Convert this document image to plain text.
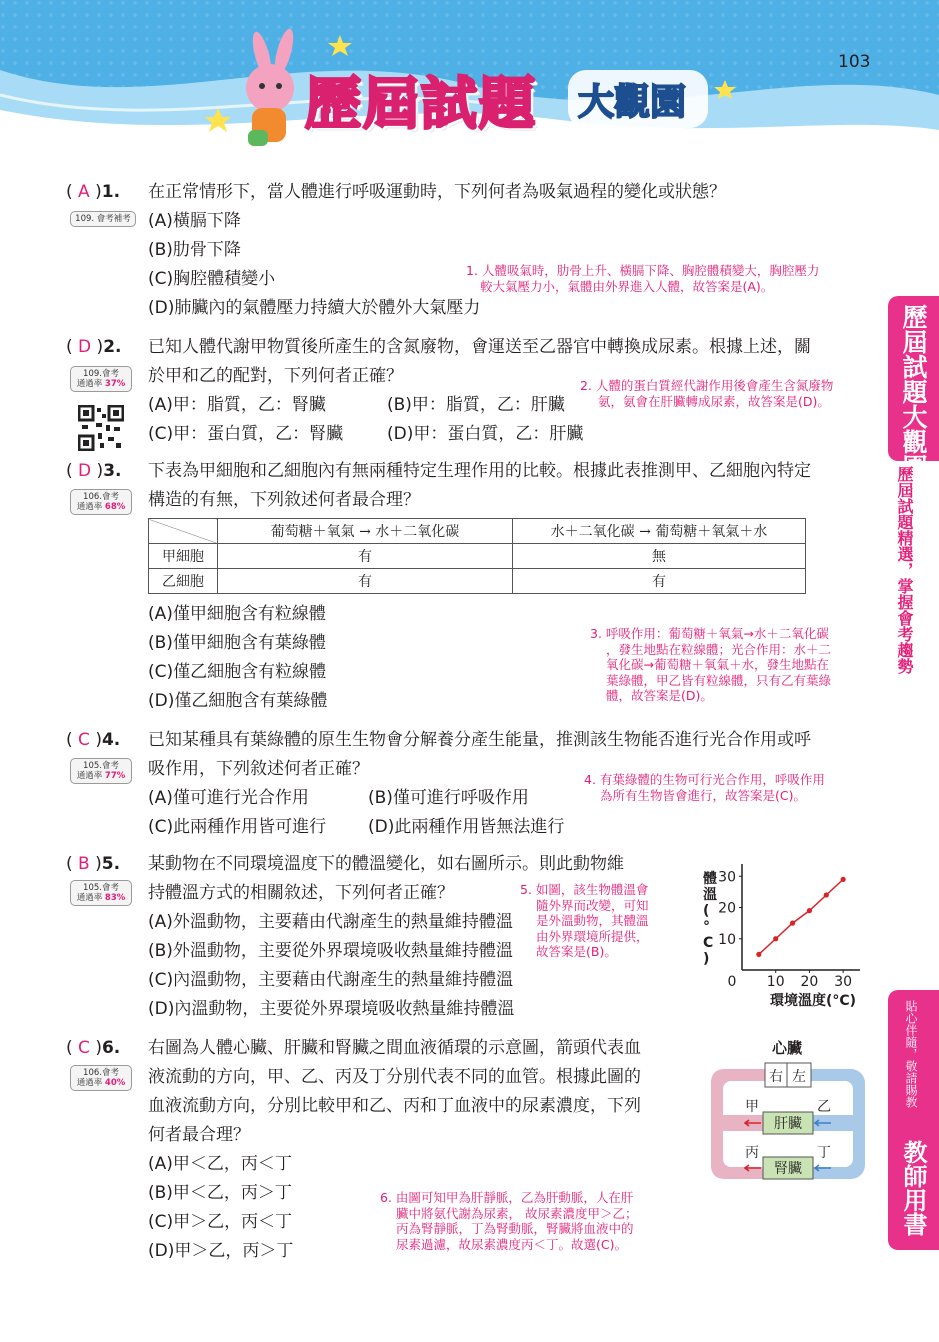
103
歷屆試題 大觀園
歷屆試題大觀園
歷屆試題精選，掌握會考趨勢
貼心伴隨，敬請賜教
教師用書
( A )1. 在正常情形下，當人體進行呼吸運動時，下列何者為吸氣過程的變化或狀態？
109. 會考補考	(A)橫膈下降
(B)肋骨下降
(C)胸腔體積變小
(D)肺臟內的氣體壓力持續大於體外大氣壓力
1. 人體吸氣時，肋骨上升、橫膈下降、胸腔體積變大，胸腔壓力
較大氣壓力小，氣體由外界進入人體，故答案是(A)。
( D )2. 已知人體代謝甲物質後所產生的含氮廢物，會運送至乙器官中轉換成尿素。根據上述，關
於甲和乙的配對，下列何者正確？
109.會考
通過率 37%
(A)甲：脂質，乙：腎臟	(B)甲：脂質，乙：肝臟
(C)甲：蛋白質，乙：腎臟	(D)甲：蛋白質，乙：肝臟
2. 人體的蛋白質經代謝作用後會產生含氮廢物
氨，氨會在肝臟轉成尿素，故答案是(D)。
( D )3. 下表為甲細胞和乙細胞內有無兩種特定生理作用的比較。根據此表推測甲、乙細胞內特定
構造的有無，下列敘述何者最合理？
106.會考
通過率 68%
	葡萄糖＋氧氣 → 水＋二氧化碳	水＋二氧化碳 → 葡萄糖＋氧氣＋水
甲細胞	有	無
乙細胞	有	有
(A)僅甲細胞含有粒線體
(B)僅甲細胞含有葉綠體
(C)僅乙細胞含有粒線體
(D)僅乙細胞含有葉綠體
3. 呼吸作用：葡萄糖＋氧氣→水＋二氧化碳
，發生地點在粒線體；光合作用：水＋二
氧化碳→葡萄糖＋氧氣＋水，發生地點在
葉綠體，甲乙皆有粒線體，只有乙有葉綠
體，故答案是(D)。
( C )4. 已知某種具有葉綠體的原生生物會分解養分產生能量，推測該生物能否進行光合作用或呼
吸作用，下列敘述何者正確？
105.會考
通過率 77%
(A)僅可進行光合作用	(B)僅可進行呼吸作用
(C)此兩種作用皆可進行 (D)此兩種作用皆無法進行
4. 有葉綠體的生物可行光合作用，呼吸作用
為所有生物皆會進行，故答案是(C)。
( B )5. 某動物在不同環境溫度下的體溫變化，如右圖所示。則此動物維
持體溫方式的相關敘述，下列何者正確？
105.會考
通過率 83%
(A)外溫動物，主要藉由代謝產生的熱量維持體溫
(B)外溫動物，主要從外界環境吸收熱量維持體溫
(C)內溫動物，主要藉由代謝產生的熱量維持體溫
(D)內溫動物，主要從外界環境吸收熱量維持體溫
5. 如圖，該生物體溫會
隨外界而改變，可知
是外溫動物，其體溫
由外界環境所提供，
故答案是(B)。
0 10 20 30
10
20
30
體溫( ° C )
環境溫度(°C)
( C )6. 右圖為人體心臟、肝臟和腎臟之間血液循環的示意圖，箭頭代表血
液流動的方向，甲、乙、丙及丁分別代表不同的血管。根據此圖的
血液流動方向，分別比較甲和乙、丙和丁血液中的尿素濃度，下列
何者最合理？
106.會考
通過率 40%
(A)甲＜乙，丙＜丁
(B)甲＜乙，丙＞丁
(C)甲＞乙，丙＜丁
(D)甲＞乙，丙＞丁
6. 由圖可知甲為肝靜脈，乙為肝動脈，人在肝
臟中將氨代謝為尿素， 故尿素濃度甲＞乙；
丙為腎靜脈，丁為腎動脈，腎臟將血液中的
尿素過濾，故尿素濃度丙＜丁。故選(C)。
心臟
右 左
肝臟
腎臟
甲	乙
丙	丁
